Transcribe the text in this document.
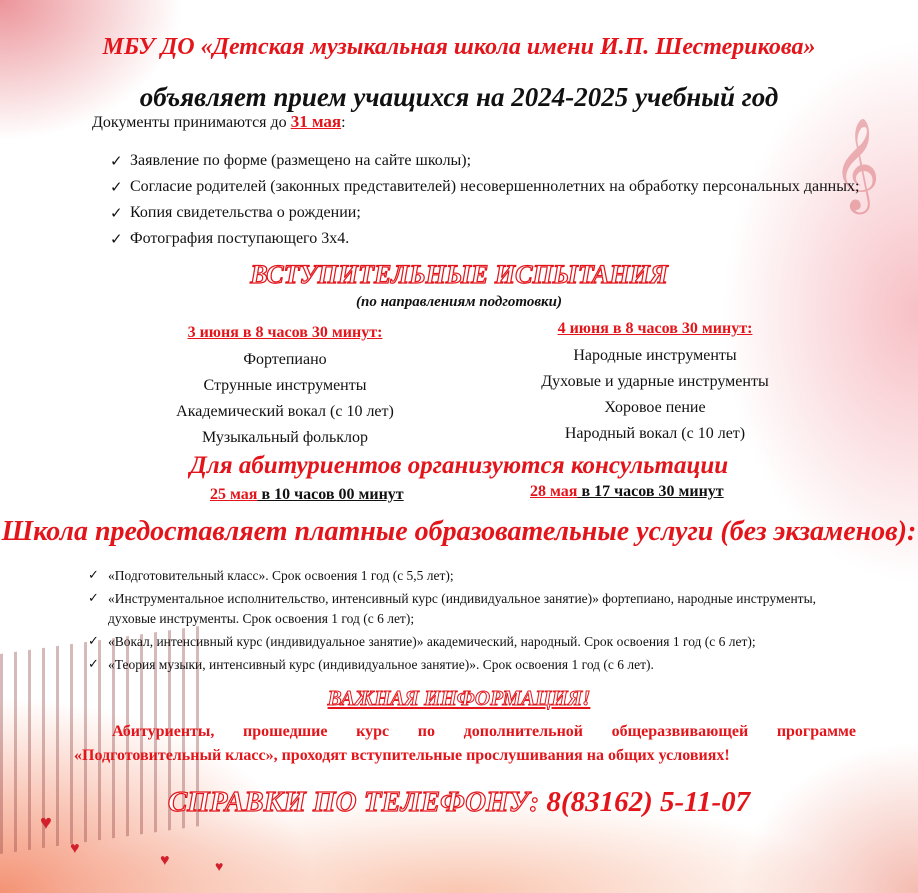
𝄞
♥
♥
♥	♥
МБУ ДО «Детская музыкальная школа имени И.П. Шестерикова»
объявляет прием учащихся на 2024-2025 учебный год
Документы принимаются до 31 мая:
✓ Заявление по форме (размещено на сайте школы);
✓ Согласие родителей (законных представителей) несовершеннолетних на обработку персональных данных;
✓ Копия свидетельства о рождении;
✓ Фотография поступающего 3х4.
ВСТУПИТЕЛЬНЫЕ ИСПЫТАНИЯ
(по направлениям подготовки)
3 июня в 8 часов 30 минут:
Фортепиано
Струнные инструменты
Академический вокал (с 10 лет)
Музыкальный фольклор
4 июня в 8 часов 30 минут:
Народные инструменты
Духовые и ударные инструменты
Хоровое пение
Народный вокал (с 10 лет)
Для абитуриентов организуются консультации
25 мая в 10 часов 00 минут	28 мая в 17 часов 30 минут
Школа предоставляет платные образовательные услуги (без экзаменов):
✓ «Подготовительный класс». Срок освоения 1 год (с 5,5 лет);
✓ «Инструментальное исполнительство, интенсивный курс (индивидуальное занятие)» фортепиано, народные инструменты, духовые инструменты. Срок освоения 1 год (с 6 лет);
✓ «Вокал, интенсивный курс (индивидуальное занятие)» академический, народный. Срок освоения 1 год (с 6 лет);
✓ «Теория музыки, интенсивный курс (индивидуальное занятие)». Срок освоения 1 год (с 6 лет).
ВАЖНАЯ ИНФОРМАЦИЯ!
Абитуриенты, прошедшие курс по дополнительной общеразвивающей программе «Подготовительный класс», проходят вступительные прослушивания на общих условиях!
СПРАВКИ ПО ТЕЛЕФОНУ: 8(83162) 5-11-07
